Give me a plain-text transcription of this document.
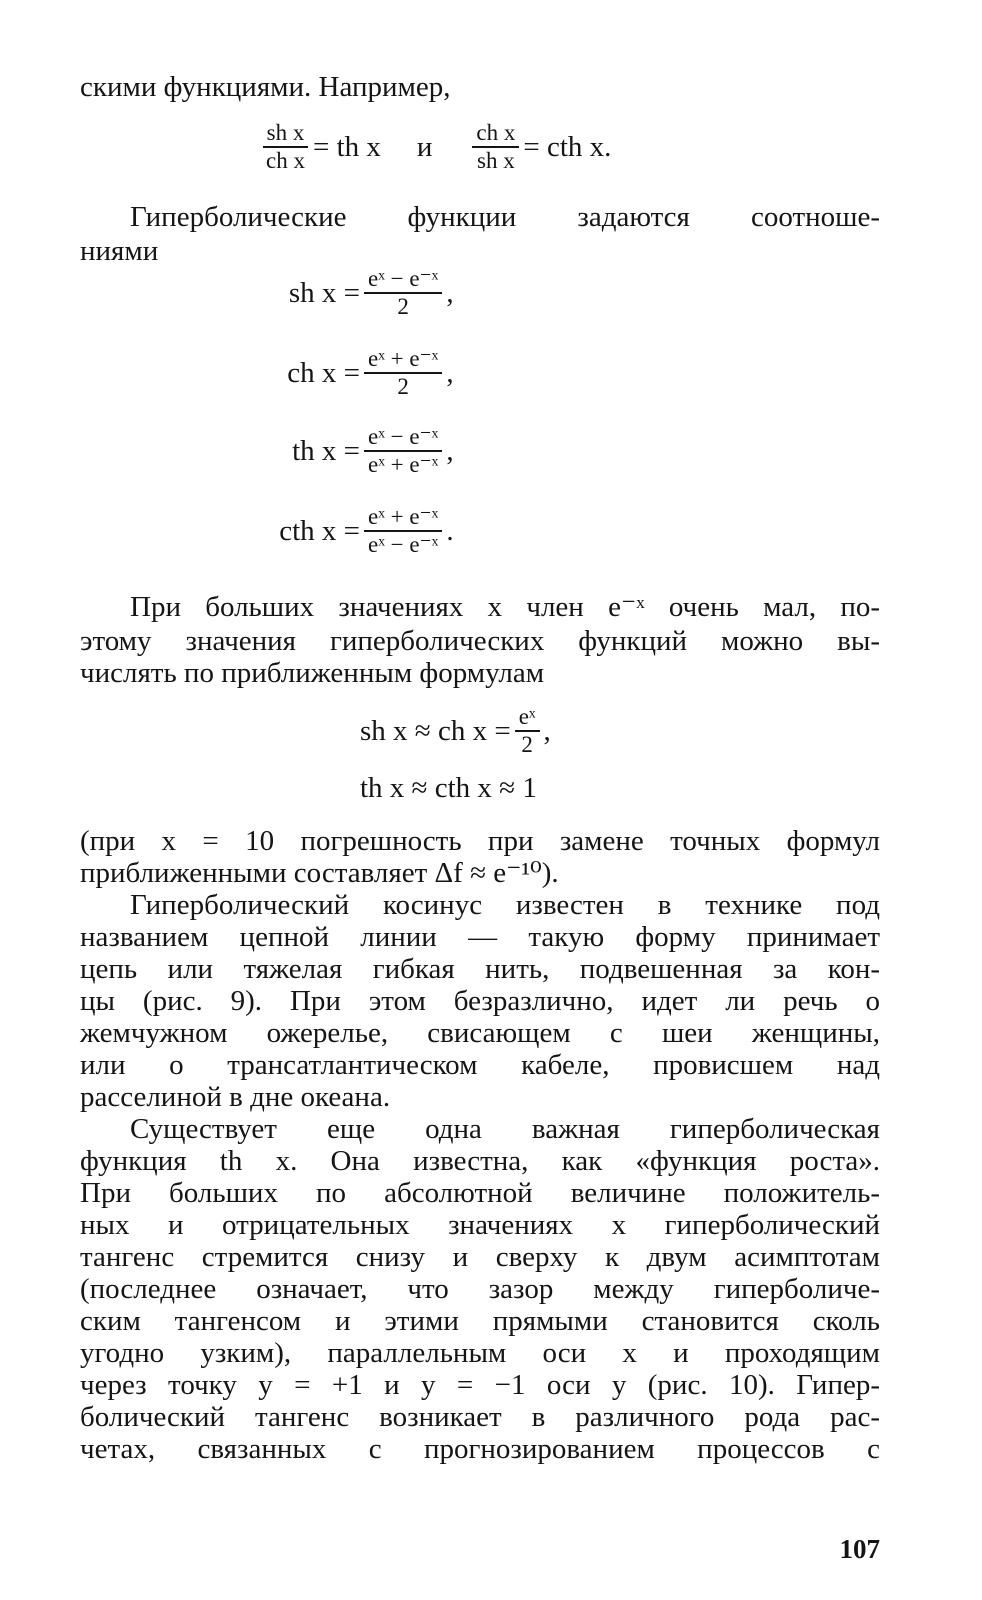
скими функциями. Например,
$\frac{\text{sh x}}{\text{ch x}}$ = th x и $\frac{\text{ch x}}{\text{sh x}}$ = cth x.
Гиперболические функции задаются соотноше-
ниями
sh $x = \frac{\text{eˣ − e⁻ˣ}}{2}$ ,
ch $x = \frac{\text{eˣ + e⁻ˣ}}{2}$ ,
th $x = \frac{\text{eˣ − e⁻ˣ}}{\text{eˣ + e⁻ˣ}}$ ,
cth $x = \frac{\text{eˣ + e⁻ˣ}}{\text{eˣ − e⁻ˣ}}$ .
При больших значениях x член e⁻ˣ очень мал, по-
этому значения гиперболических функций можно вы-
числять по приближенным формулам
sh x ≈ ch $x = \frac{\text{eˣ}}{2}$ ,
th x ≈ cth x ≈ 1
(при x = 10 погрешность при замене точных формул
приближенными составляет Δf ≈ e⁻¹⁰).
Гиперболический косинус известен в технике под
названием цепной линии — такую форму принимает
цепь или тяжелая гибкая нить, подвешенная за кон-
цы (рис. 9). При этом безразлично, идет ли речь о
жемчужном ожерелье, свисающем с шеи женщины,
или о трансатлантическом кабеле, провисшем над
расселиной в дне океана.
Существует еще одна важная гиперболическая
функция th x. Она известна, как «функция роста».
При больших по абсолютной величине положитель-
ных и отрицательных значениях x гиперболический
тангенс стремится снизу и сверху к двум асимптотам
(последнее означает, что зазор между гиперболиче-
ским тангенсом и этими прямыми становится сколь
угодно узким), параллельным оси x и проходящим
через точку y = +1 и y = −1 оси y (рис. 10). Гипер-
болический тангенс возникает в различного рода рас-
четах, связанных с прогнозированием процессов с
107
